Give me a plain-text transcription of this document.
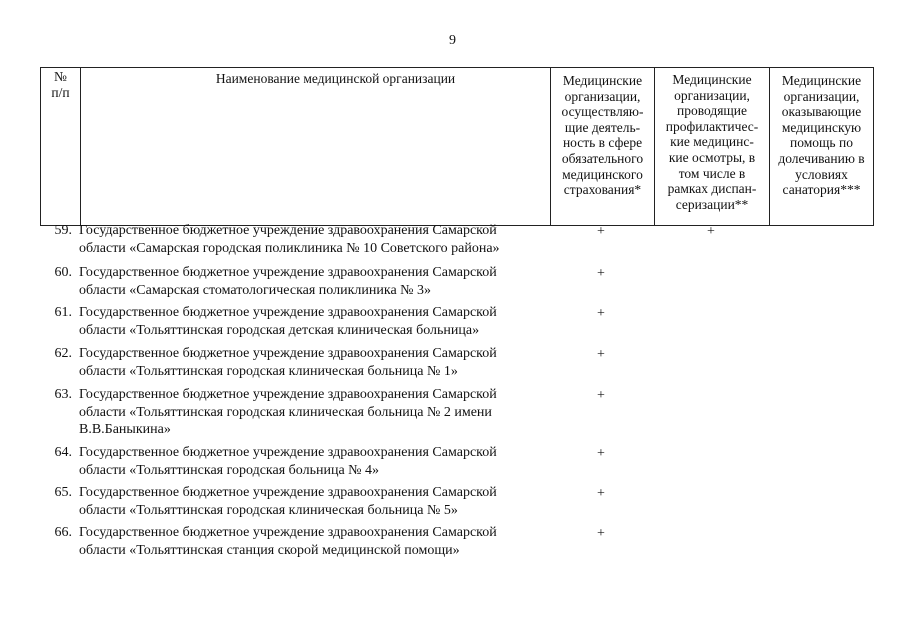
9
№
п/п
Наименование медицинской организации	Медицинские
организации,
осуществляю-
щие деятель-
ность в сфере
обязательного
медицинского
страхования*
Медицинские
организации,
проводящие
профилактичес-
кие медицинс-
кие осмотры, в
том числе в
рамках диспан-
серизации**
Медицинские
организации,
оказывающие
медицинскую
помощь по
долечиванию в
условиях
санатория***
59. Государственное бюджетное учреждение здравоохранения Самарской
области «Самарская городская поликлиника № 10 Советского района»
+	+
60. Государственное бюджетное учреждение здравоохранения Самарской
области «Самарская стоматологическая поликлиника № 3»
+
61. Государственное бюджетное учреждение здравоохранения Самарской
области «Тольяттинская городская детская клиническая больница»
+
62. Государственное бюджетное учреждение здравоохранения Самарской
области «Тольяттинская городская клиническая больница № 1»
+
63. Государственное бюджетное учреждение здравоохранения Самарской
области «Тольяттинская городская клиническая больница № 2 имени
В.В.Баныкина»
+
64. Государственное бюджетное учреждение здравоохранения Самарской
области «Тольяттинская городская больница № 4»
+
65. Государственное бюджетное учреждение здравоохранения Самарской
области «Тольяттинская городская клиническая больница № 5»
+
66. Государственное бюджетное учреждение здравоохранения Самарской
области «Тольяттинская станция скорой медицинской помощи»
+
